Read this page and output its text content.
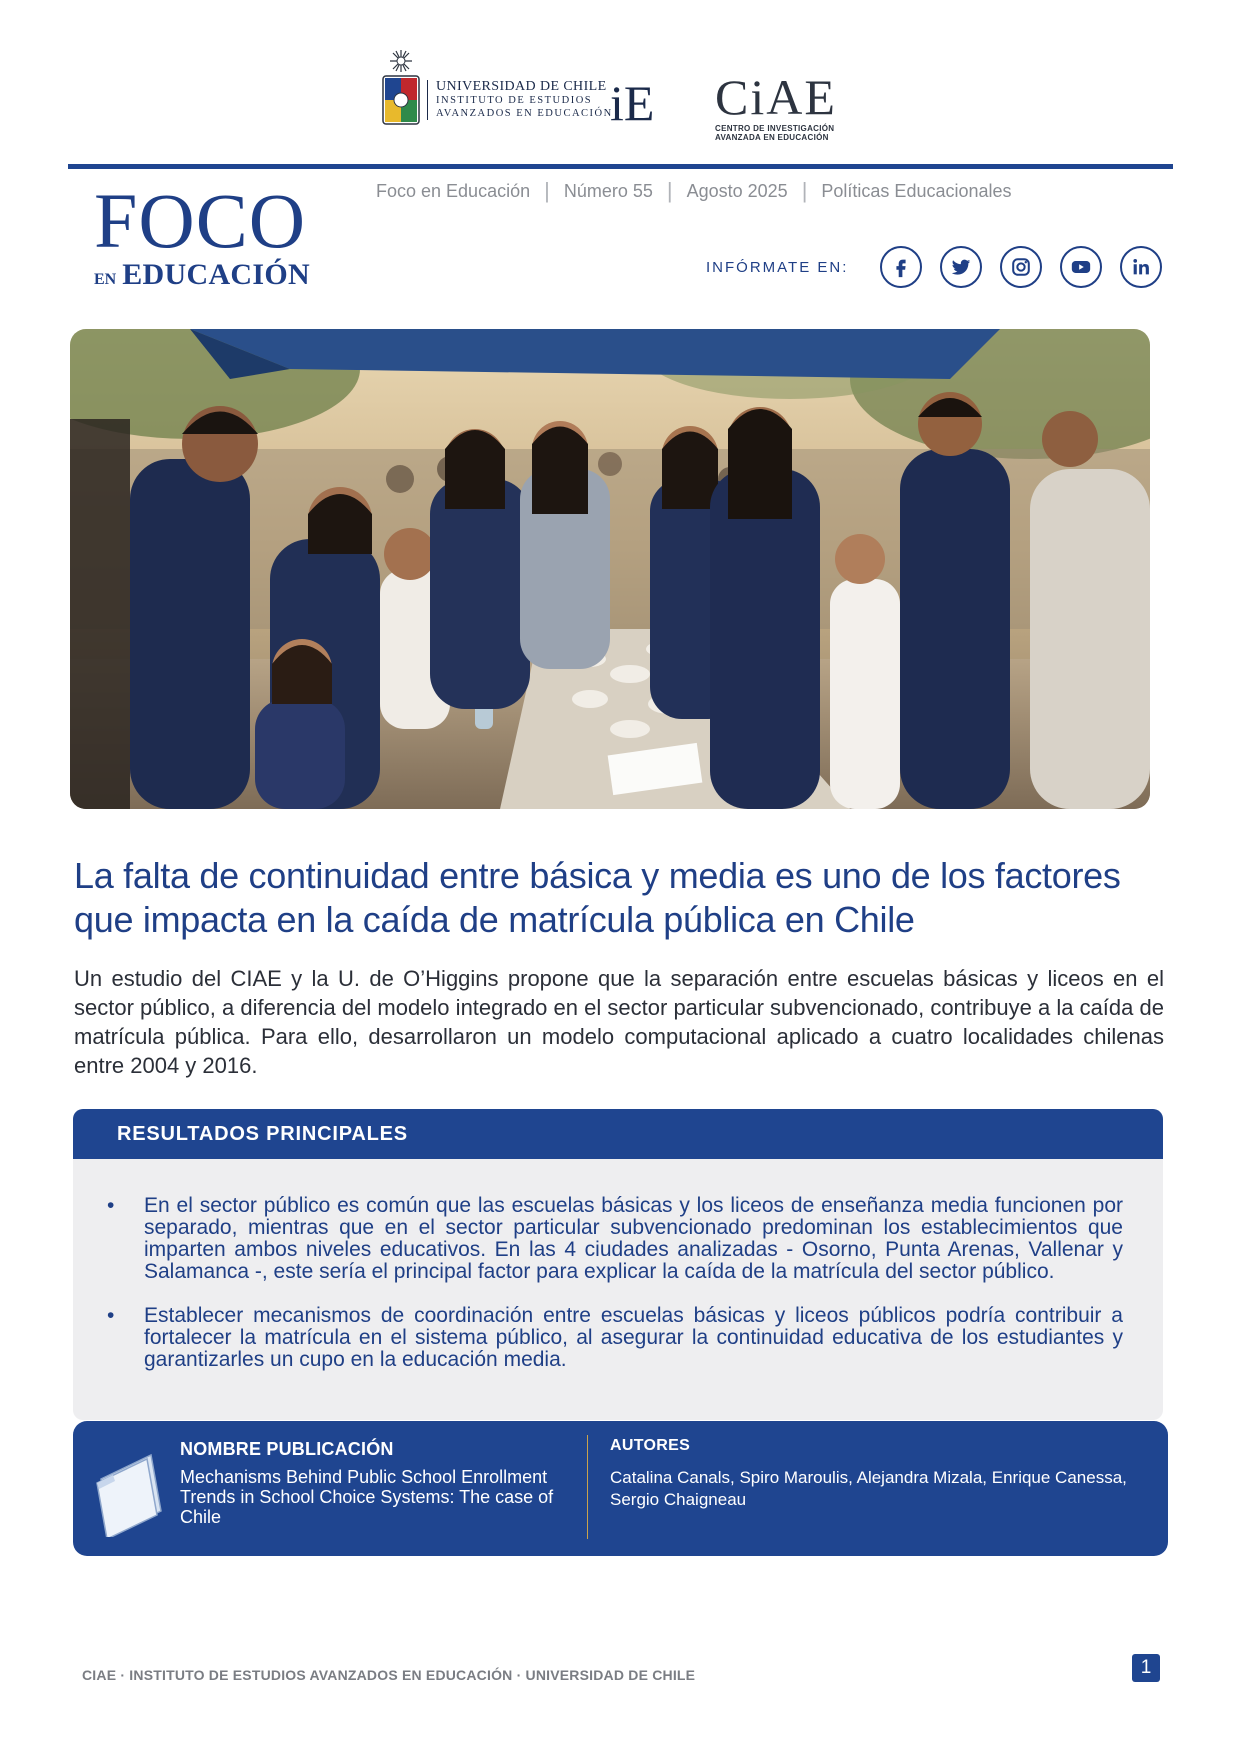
UNIVERSIDAD DE CHILE
INSTITUTO DE ESTUDIOS
AVANZADOS EN EDUCACIÓN
iE CiAE
CENTRO DE INVESTIGACIÓN
AVANZADA EN EDUCACIÓN
FOCO
EN EDUCACIÓN
Foco en Educación | Número 55 | Agosto 2025 | Políticas Educacionales
INFÓRMATE EN:
La falta de continuidad entre básica y media es uno de los factores que impacta en la caída de matrícula pública en Chile

Un estudio del CIAE y la U. de O’Higgins propone que la separación entre escuelas básicas y liceos en el sector público, a diferencia del modelo integrado en el sector particular subvencionado, contribuye a la caída de matrícula pública. Para ello, desarrollaron un modelo computacional aplicado a cuatro localidades chilenas entre 2004 y 2016.

RESULTADOS PRINCIPALES
• En el sector público es común que las escuelas básicas y los liceos de enseñanza media funcionen por separado, mientras que en el sector particular subvencionado predominan los establecimientos que imparten ambos niveles educativos. En las 4 ciudades analizadas - Osorno, Punta Arenas, Vallenar y Salamanca -, este sería el principal factor para explicar la caída de la matrícula del sector público.
• Establecer mecanismos de coordinación entre escuelas básicas y liceos públicos podría contribuir a fortalecer la matrícula en el sistema público, al asegurar la continuidad educativa de los estudiantes y garantizarles un cupo en la educación media.
NOMBRE PUBLICACIÓN
Mechanisms Behind Public School Enrollment Trends in School Choice Systems: The case of Chile
AUTORES
Catalina Canals, Spiro Maroulis, Alejandra Mizala, Enrique Canessa, Sergio Chaigneau
CIAE · INSTITUTO DE ESTUDIOS AVANZADOS EN EDUCACIÓN · UNIVERSIDAD DE CHILE	1
